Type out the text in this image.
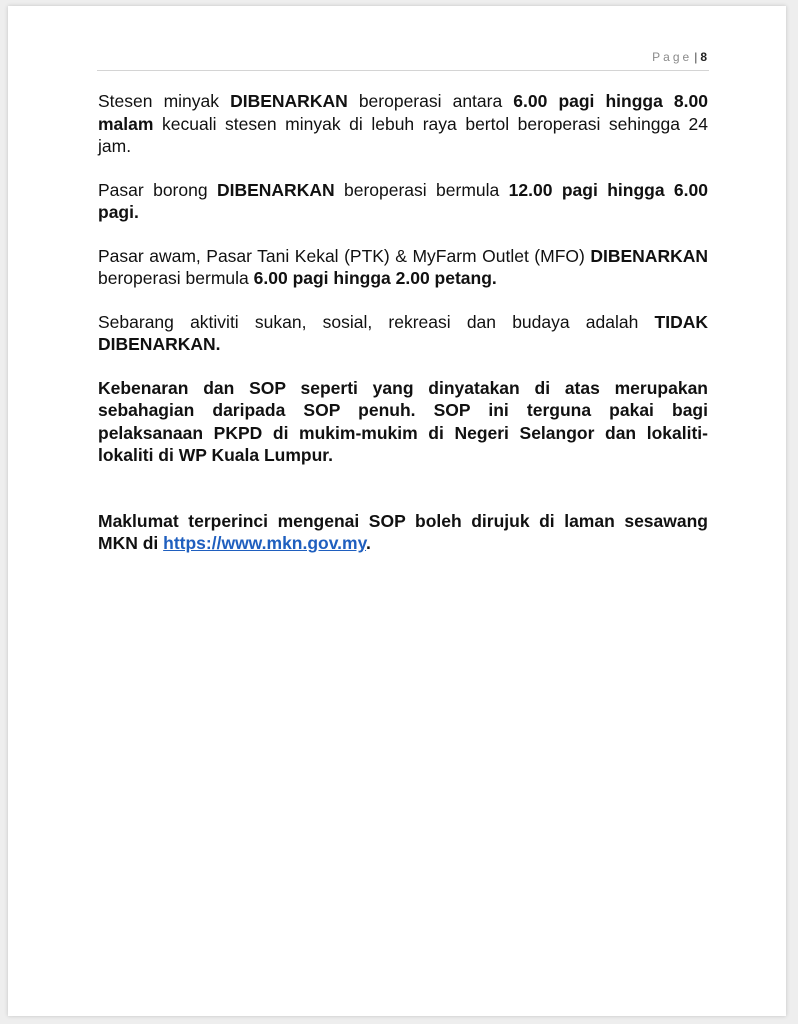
Page | 8

Stesen minyak DIBENARKAN beroperasi antara 6.00 pagi hingga 8.00 malam kecuali stesen minyak di lebuh raya bertol beroperasi sehingga 24 jam.

Pasar borong DIBENARKAN beroperasi bermula 12.00 pagi hingga 6.00 pagi.

Pasar awam, Pasar Tani Kekal (PTK) & MyFarm Outlet (MFO) DIBENARKAN beroperasi bermula 6.00 pagi hingga 2.00 petang.

Sebarang aktiviti sukan, sosial, rekreasi dan budaya adalah TIDAK DIBENARKAN.

Kebenaran dan SOP seperti yang dinyatakan di atas merupakan sebahagian daripada SOP penuh. SOP ini terguna pakai bagi pelaksanaan PKPD di mukim-mukim di Negeri Selangor dan lokaliti-lokaliti di WP Kuala Lumpur.

Maklumat terperinci mengenai SOP boleh dirujuk di laman sesawang MKN di https://www.mkn.gov.my.
